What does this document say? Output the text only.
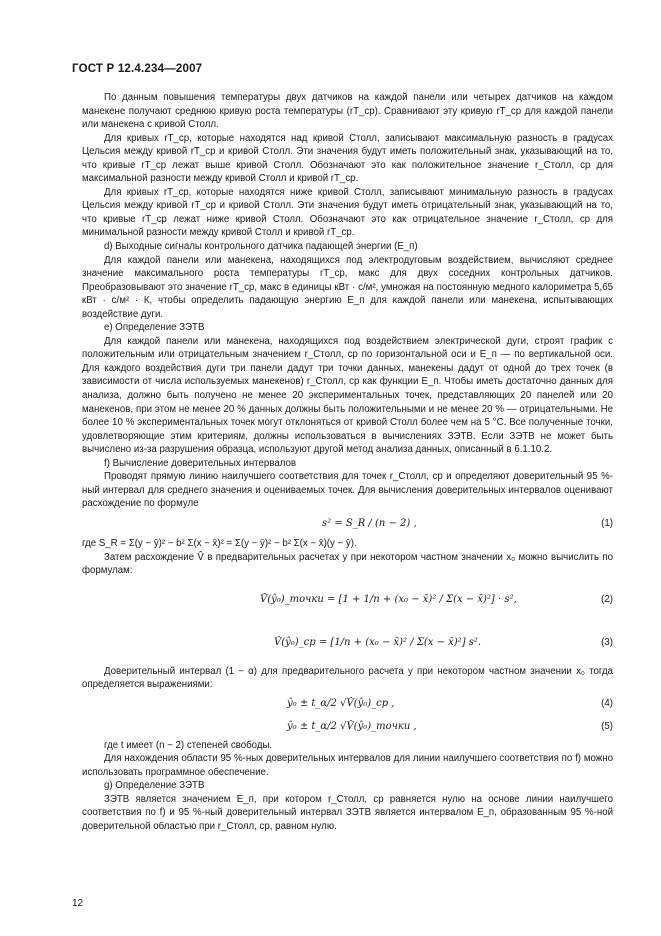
ГОСТ Р 12.4.234—2007

По данным повышения температуры двух датчиков на каждой панели или четырех датчиков на каждом манекене получают среднюю кривую роста температуры (rT_ср). Сравнивают эту кривую rT_ср для каждой панели или манекена с кривой Столл.

Для кривых rT_ср, которые находятся над кривой Столл, записывают максимальную разность в градусах Цельсия между кривой rT_ср и кривой Столл. Эти значения будут иметь положительный знак, указывающий на то, что кривые rT_ср лежат выше кривой Столл. Обозначают это как положительное значение r_Столл, ср для максимальной разности между кривой Столл и кривой rT_ср.

Для кривых rT_ср, которые находятся ниже кривой Столл, записывают минимальную разность в градусах Цельсия между кривой rT_ср и кривой Столл. Эти значения будут иметь отрицательный знак, указывающий на то, что кривые rT_ср лежат ниже кривой Столл. Обозначают это как отрицательное значение r_Столл, ср для минимальной разности между кривой Столл и кривой rT_ср.

d) Выходные сигналы контрольного датчика падающей энергии (E_п)

Для каждой панели или манекена, находящихся под электродуговым воздействием, вычисляют среднее значение максимального роста температуры rT_ср, макс для двух соседних контрольных датчиков. Преобразовывают это значение rT_ср, макс в единицы кВт · с/м², умножая на постоянную медного калориметра 5,65 кВт · с/м² · К, чтобы определить падающую энергию E_п для каждой панели или манекена, испытывающих воздействие дуги.

e) Определение ЗЭТВ

Для каждой панели или манекена, находящихся под воздействием электрической дуги, строят график с положительным или отрицательным значением r_Столл, ср по горизонтальной оси и E_п — по вертикальной оси. Для каждого воздействия дуги три панели дадут три точки данных, манекены дадут от одной до трех точек (в зависимости от числа используемых манекенов) r_Столл, ср как функции E_п. Чтобы иметь достаточно данных для анализа, должно быть получено не менее 20 экспериментальных точек, представляющих 20 панелей или 20 манекенов, при этом не менее 20 % данных должны быть положительными и не менее 20 % — отрицательными. Не более 10 % экспериментальных точек могут отклоняться от кривой Столл более чем на 5 °С. Все полученные точки, удовлетворяющие этим критериям, должны использоваться в вычислениях ЗЭТВ. Если ЗЭТВ не может быть вычислено из-за разрушения образца, используют другой метод анализа данных, описанный в 6.1.10.2.

f) Вычисление доверительных интервалов

Проводят прямую линию наилучшего соответствия для точек r_Столл, ср и определяют доверительный 95 %-ный интервал для среднего значения и оцениваемых точек. Для вычисления доверительных интервалов оценивают расхождение по формуле

s² = S_R / (n − 2) ,	(1)

где S_R = Σ(y − ȳ)² − b² Σ(x − x̄)² = Σ(y − ȳ)² − b² Σ(x − x̄)(y − ȳ).

Затем расхождение V̂ в предварительных расчетах y при некотором частном значении x₀ можно вычислить по формулам:

V̂(ŷ₀)_точки = [1 + 1/n + (x₀ − x̄)² / Σ(x − x̄)²] · s²,	(2)
V̂(ŷ₀)_ср = [1/n + (x₀ − x̄)² / Σ(x − x̄)²] s².	(3)

Доверительный интервал (1 − α) для предварительного расчета y при некотором частном значении x₀ тогда определяется выражениями:

ŷ₀ ± t_α/2 √V̂(ŷ₀)_ср ,	(4)
ŷ₀ ± t_α/2 √V̂(ŷ₀)_точки ,	(5)

где t имеет (n − 2) степеней свободы.

Для нахождения области 95 %-ных доверительных интервалов для линии наилучшего соответствия по f) можно использовать программное обеспечение.

g) Определение ЗЭТВ

ЗЭТВ является значением E_п, при котором r_Столл, ср равняется нулю на основе линии наилучшего соответствия по f) и 95 %-ный доверительный интервал ЗЭТВ является интервалом E_п, образованным 95 %-ной доверительной областью при r_Столл, ср, равном нулю.

12
